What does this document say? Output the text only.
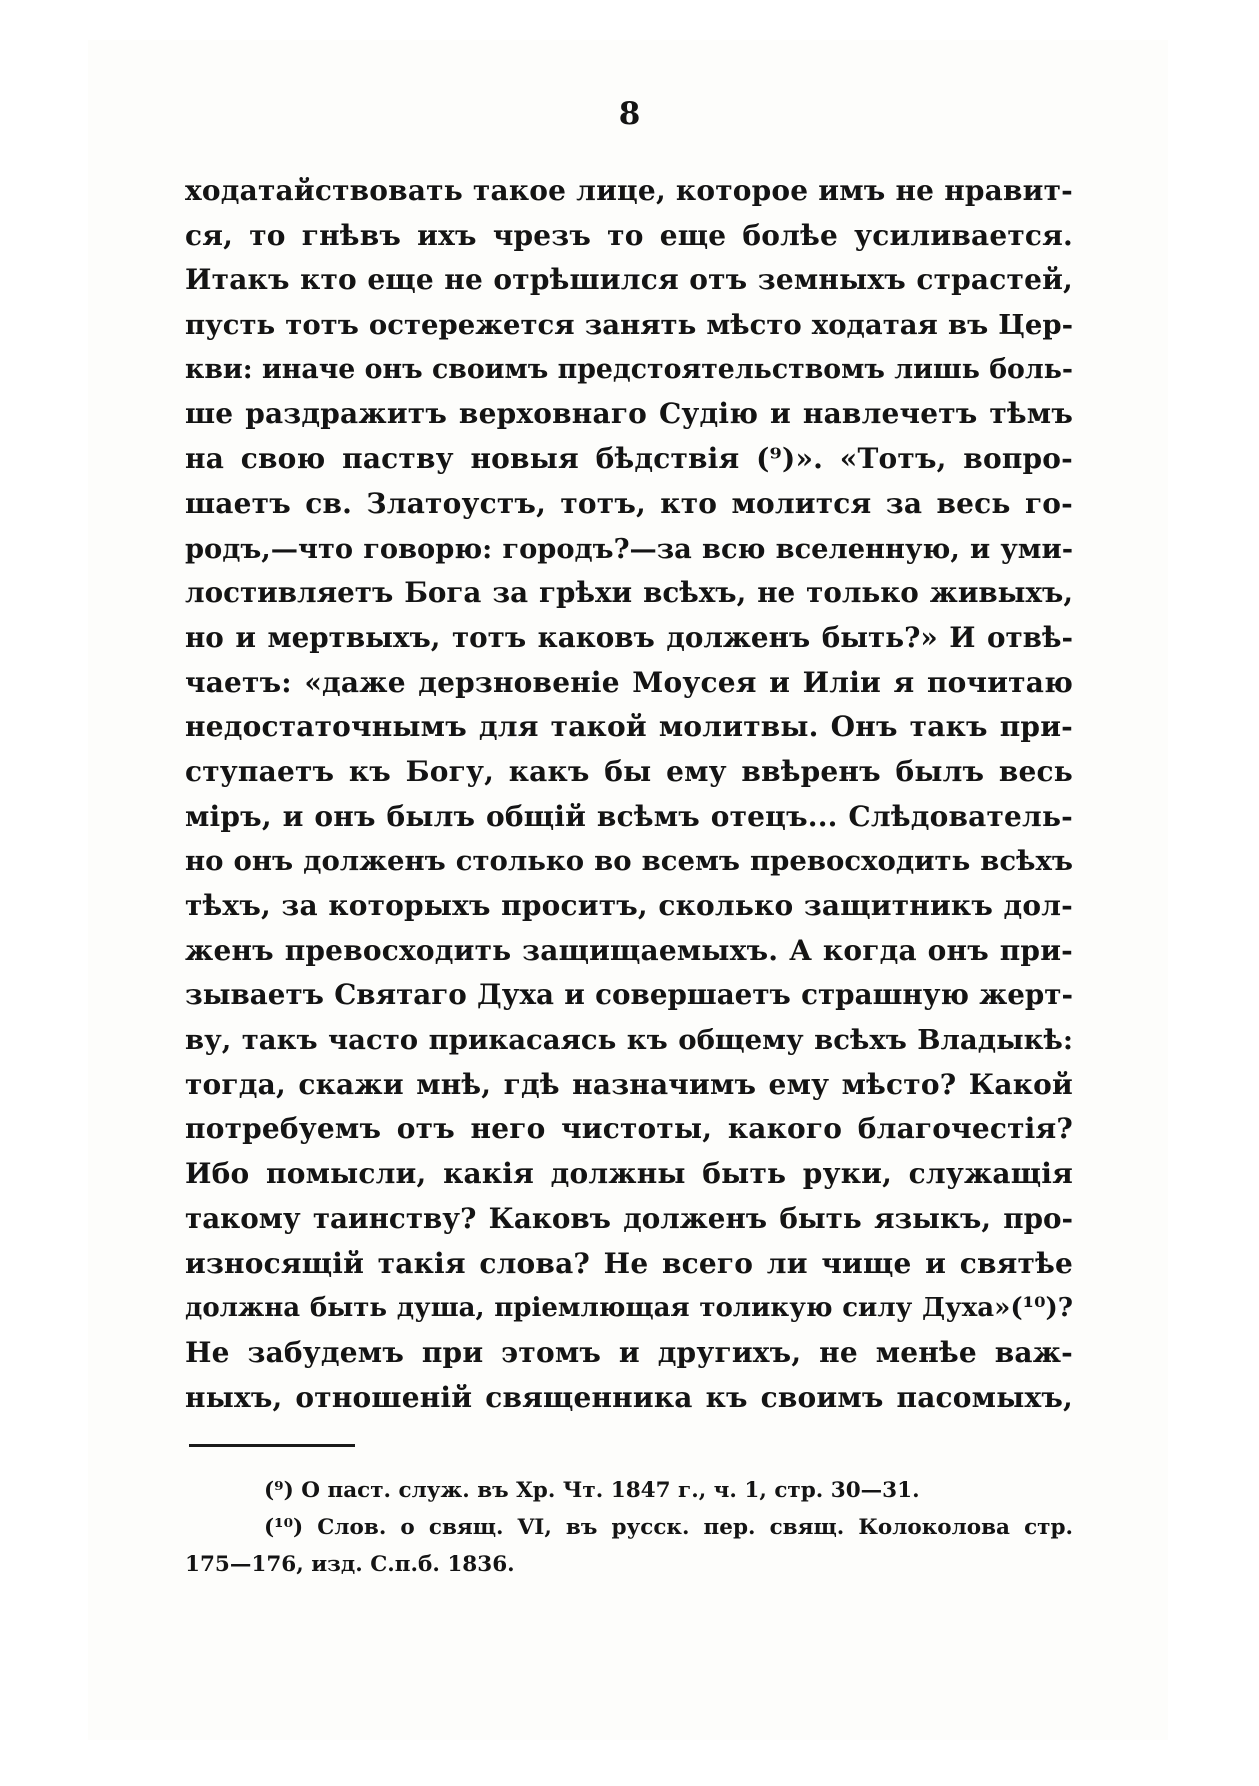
8
ходатайствовать такое лице, которое имъ не нравит-
ся, то гнѣвъ ихъ чрезъ то еще болѣе усиливается.
Итакъ кто еще не отрѣшился отъ земныхъ страстей,
пусть тотъ остережется занять мѣсто ходатая въ Цер-
кви: иначе онъ своимъ предстоятельствомъ лишь боль-
ше раздражитъ верховнаго Судію и навлечетъ тѣмъ
на свою паству новыя бѣдствія (⁹)». «Тотъ, вопро-
шаетъ св. Златоустъ, тотъ, кто молится за весь го-
родъ,—что говорю: городъ?—за всю вселенную, и уми-
лостивляетъ Бога за грѣхи всѣхъ, не только живыхъ,
но и мертвыхъ, тотъ каковъ долженъ быть?» И отвѣ-
чаетъ: «даже дерзновеніе Моусея и Иліи я почитаю
недостаточнымъ для такой молитвы. Онъ такъ при-
ступаетъ къ Богу, какъ бы ему ввѣренъ былъ весь
міръ, и онъ былъ общій всѣмъ отецъ... Слѣдователь-
но онъ долженъ столько во всемъ превосходить всѣхъ
тѣхъ, за которыхъ проситъ, сколько защитникъ дол-
женъ превосходить защищаемыхъ. А когда онъ при-
зываетъ Святаго Духа и совершаетъ страшную жерт-
ву, такъ часто прикасаясь къ общему всѣхъ Владыкѣ:
тогда, скажи мнѣ, гдѣ назначимъ ему мѣсто? Какой
потребуемъ отъ него чистоты, какого благочестія?
Ибо помысли, какія должны быть руки, служащія
такому таинству? Каковъ долженъ быть языкъ, про-
износящій такія слова? Не всего ли чище и святѣе
должна быть душа, пріемлющая толикую силу Духа»(¹⁰)?
Не забудемъ при этомъ и другихъ, не менѣе важ-
ныхъ, отношеній священника къ своимъ пасомыхъ,
(⁹) О паст. служ. въ Хр. Чт. 1847 г., ч. 1, стр. 30—31.
(¹⁰) Слов. о свящ. VI, въ русск. пер. свящ. Колоколова стр.
175—176, изд. С.п.б. 1836.
